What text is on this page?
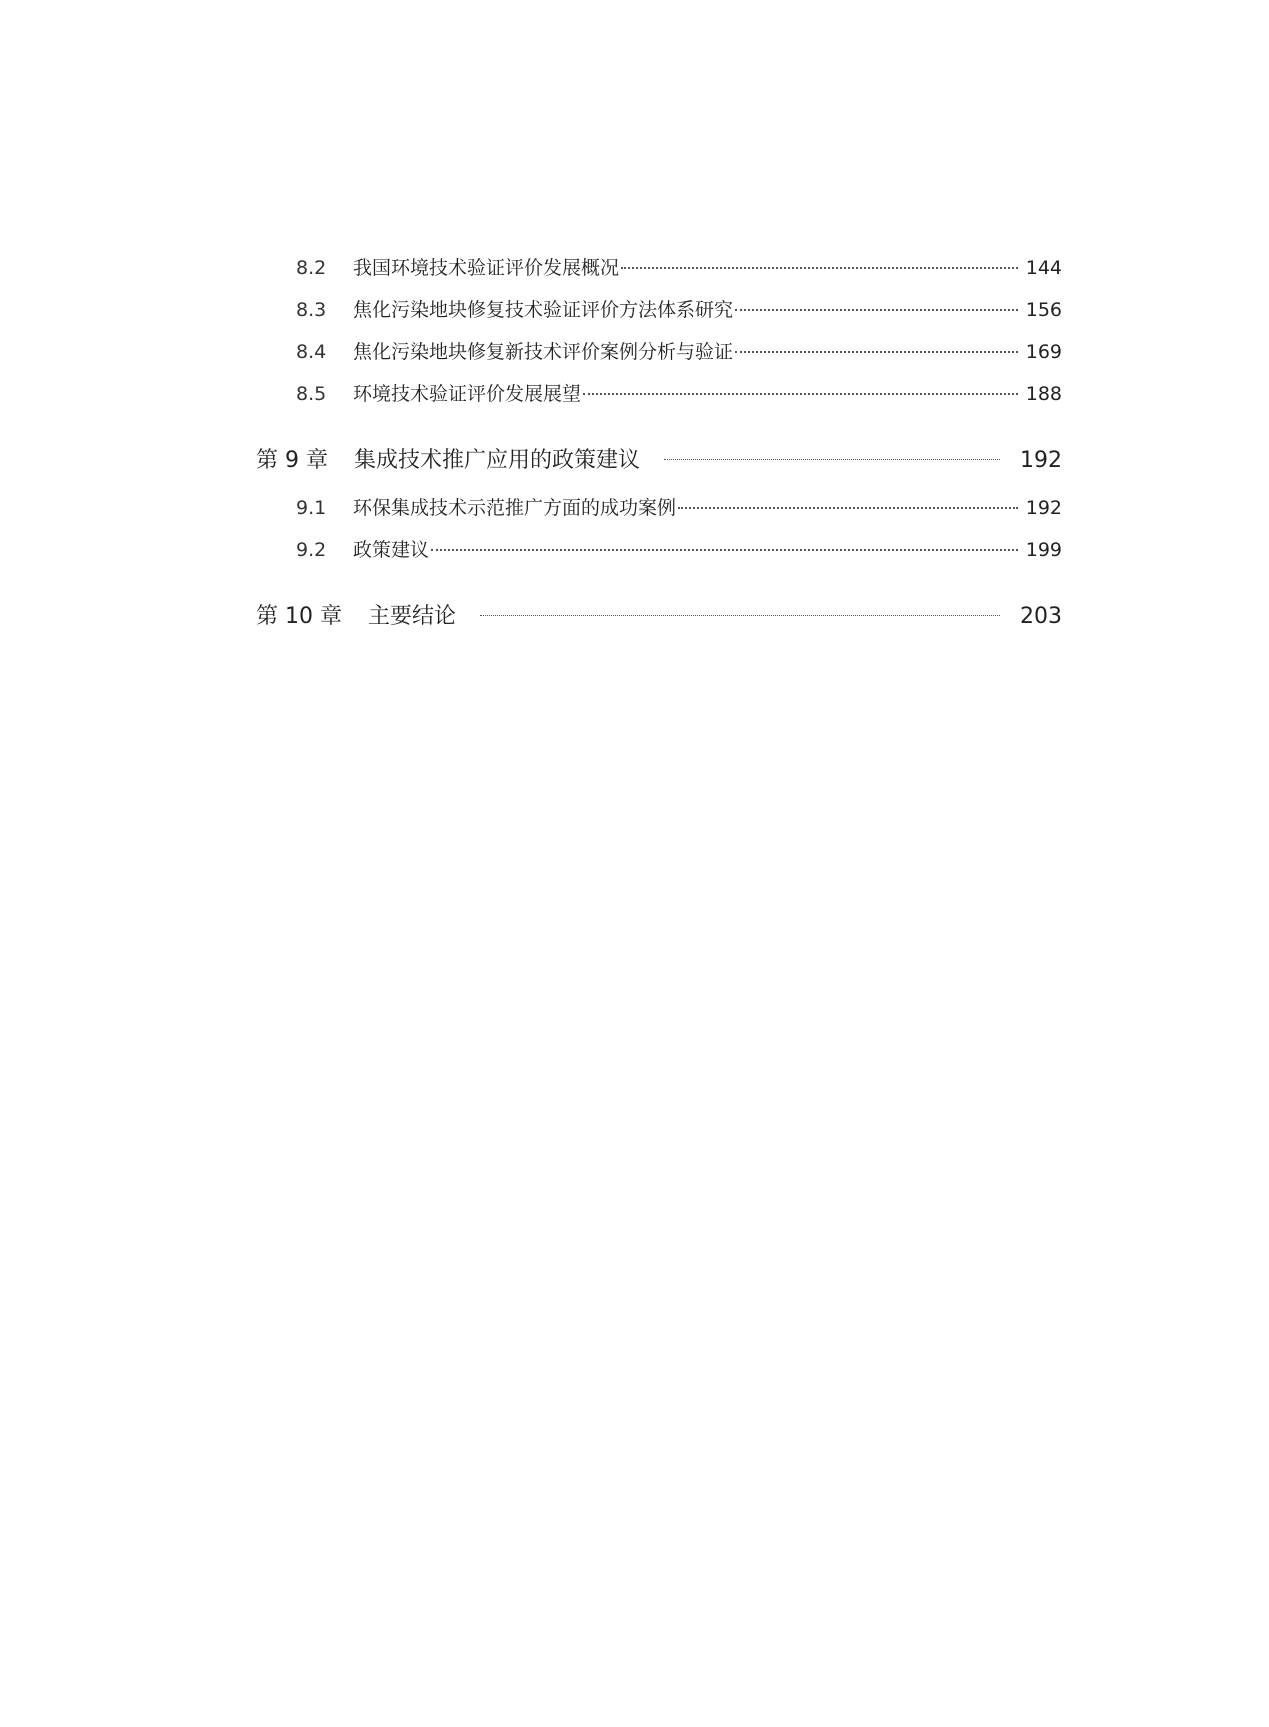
8.2	我国环境技术验证评价发展概况	144
8.3	焦化污染地块修复技术验证评价方法体系研究	156
8.4	焦化污染地块修复新技术评价案例分析与验证	169
8.5	环境技术验证评价发展展望	188
第 9 章 集成技术推广应用的政策建议	192
9.1	环保集成技术示范推广方面的成功案例	192
9.2	政策建议	199
第 10 章 主要结论	203
